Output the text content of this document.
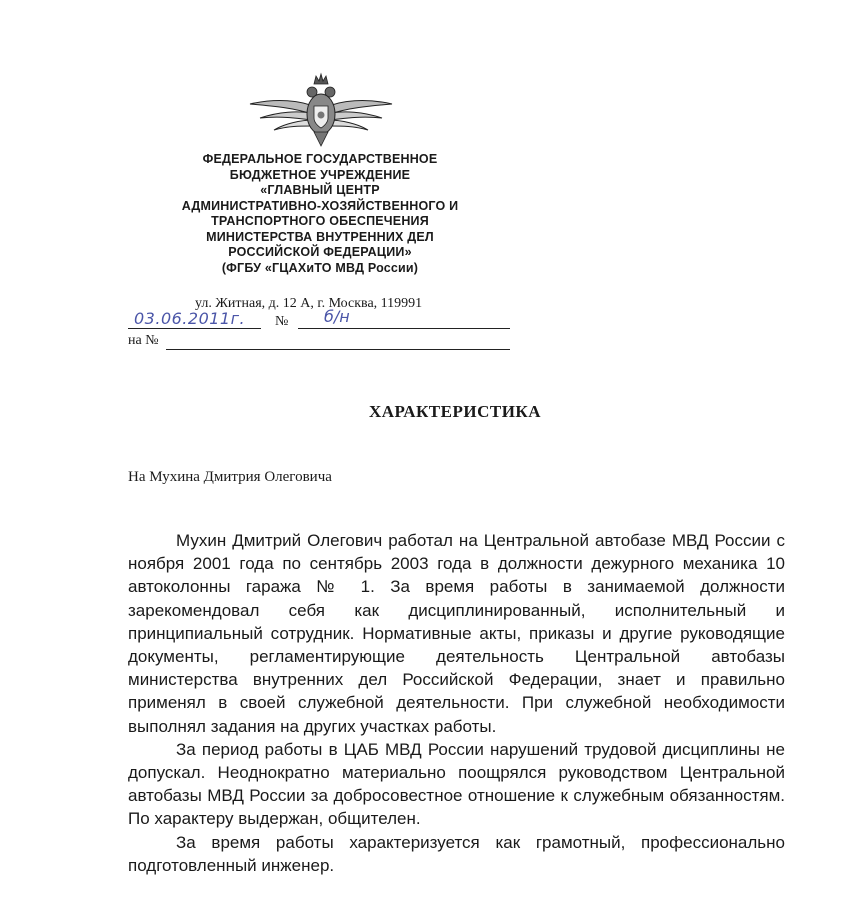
ФЕДЕРАЛЬНОЕ ГОСУДАРСТВЕННОЕ
БЮДЖЕТНОЕ УЧРЕЖДЕНИЕ
«ГЛАВНЫЙ ЦЕНТР
АДМИНИСТРАТИВНО-ХОЗЯЙСТВЕННОГО И
ТРАНСПОРТНОГО ОБЕСПЕЧЕНИЯ
МИНИСТЕРСТВА ВНУТРЕННИХ ДЕЛ
РОССИЙСКОЙ ФЕДЕРАЦИИ»
(ФГБУ «ГЦАХиТО МВД России)
ул. Житная, д. 12 А, г. Москва, 119991
03.06.2011г. № б/н
на №
ХАРАКТЕРИСТИКА
На Мухина Дмитрия Олеговича

Мухин Дмитрий Олегович работал на Центральной автобазе МВД России с ноября 2001 года по сентябрь 2003 года в должности дежурного механика 10 автоколонны гаража № 1. За время работы в занимаемой должности зарекомендовал себя как дисциплинированный, исполнительный и принципиальный сотрудник. Нормативные акты, приказы и другие руководящие документы, регламентирующие деятельность Центральной автобазы министерства внутренних дел Российской Федерации, знает и правильно применял в своей служебной деятельности. При служебной необходимости выполнял задания на других участках работы.

За период работы в ЦАБ МВД России нарушений трудовой дисциплины не допускал. Неоднократно материально поощрялся руководством Центральной автобазы МВД России за добросовестное отношение к служебным обязанностям. По характеру выдержан, общителен.

За время работы характеризуется как грамотный, профессионально подготовленный инженер.
